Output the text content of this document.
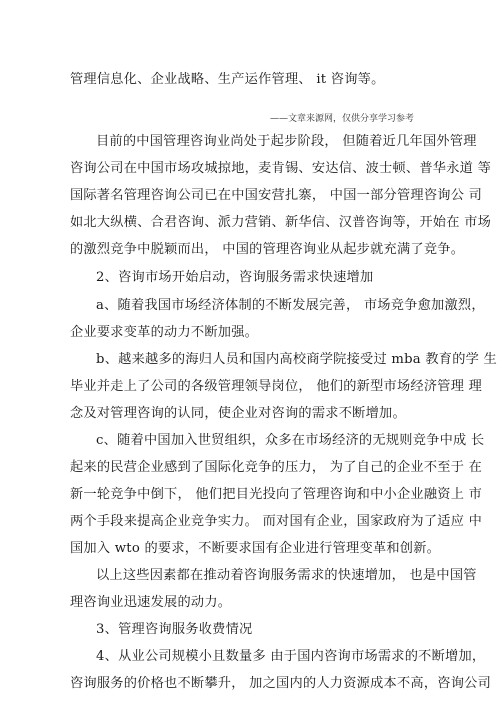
管理信息化、企业战略、生产运作管理、 it 咨询等。
——文章来源网，仅供分享学习参考
目前的中国管理咨询业尚处于起步阶段， 但随着近几年国外管理
咨询公司在中国市场攻城掠地，麦肯锡、安达信、波士顿、普华永道 等
国际著名管理咨询公司已在中国安营扎寨， 中国一部分管理咨询公 司
如北大纵横、合君咨询、派力营销、新华信、汉普咨询等，开始在 市场
的激烈竞争中脱颖而出， 中国的管理咨询业从起步就充满了竞争。
2、咨询市场开始启动，咨询服务需求快速增加
a、随着我国市场经济体制的不断发展完善， 市场竞争愈加激烈，
企业要求变革的动力不断加强。
b、越来越多的海归人员和国内高校商学院接受过 mba 教育的学 生
毕业并走上了公司的各级管理领导岗位， 他们的新型市场经济管理 理
念及对管理咨询的认同，使企业对咨询的需求不断增加。
c、随着中国加入世贸组织，众多在市场经济的无规则竞争中成 长
起来的民营企业感到了国际化竞争的压力， 为了自己的企业不至于 在
新一轮竞争中倒下， 他们把目光投向了管理咨询和中小企业融资上 市
两个手段来提高企业竞争实力。 而对国有企业，国家政府为了适应 中
国加入 wto 的要求，不断要求国有企业进行管理变革和创新。
以上这些因素都在推动着咨询服务需求的快速增加， 也是中国管
理咨询业迅速发展的动力。
3、管理咨询服务收费情况
4、从业公司规模小且数量多 由于国内咨询市场需求的不断增加，
咨询服务的价格也不断攀升， 加之国内的人力资源成本不高，咨询公司
